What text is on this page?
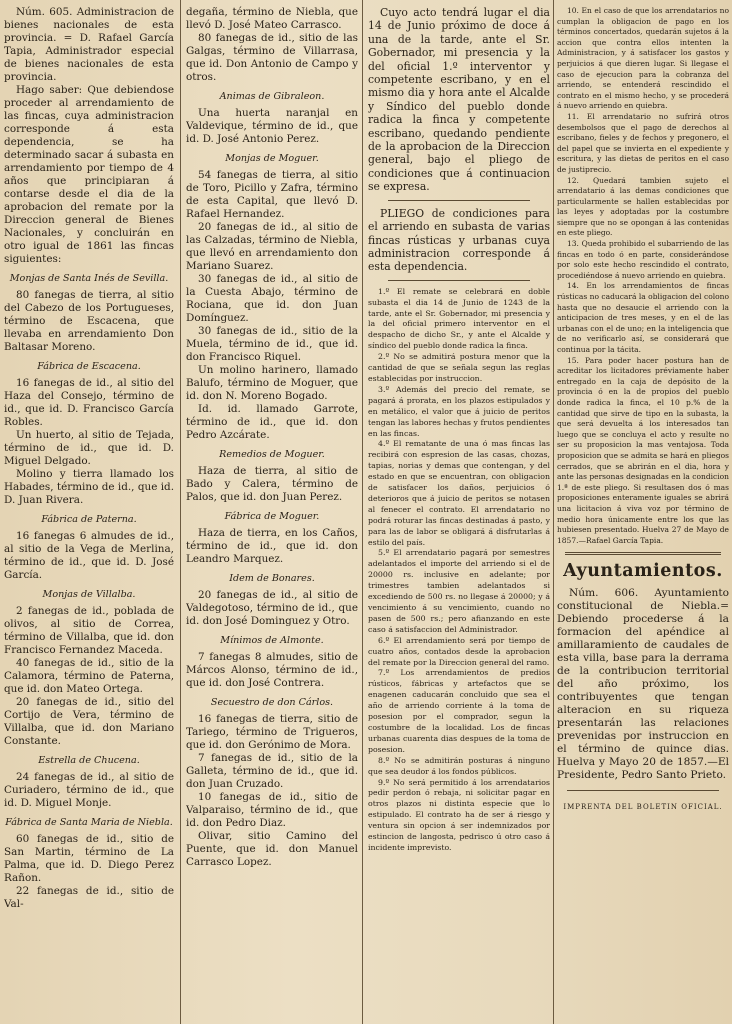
Núm. 605. Administracion de bienes nacionales de esta provincia. = D. Rafael García Tapia, Administrador especial de bienes nacionales de esta provincia.

Hago saber: Que debiendose proceder al arrendamiento de las fincas, cuya administracion corresponde á esta dependencia, se ha determinado sacar á subasta en arrendamiento por tiempo de 4 años que principiaran á contarse desde el dia de la aprobacion del remate por la Direccion general de Bienes Nacionales, y concluirán en otro igual de 1861 las fincas siguientes:

Monjas de Santa Inés de Sevilla.

80 fanegas de tierra, al sitio del Cabezo de los Portugueses, término de Escacena, que llevaba en arrendamiento Don Baltasar Moreno.

Fábrica de Escacena.

16 fanegas de id., al sitio del Haza del Consejo, término de id., que id. D. Francisco García Robles.

Un huerto, al sitio de Tejada, término de id., que id. D. Miguel Delgado.

Molino y tierra llamado los Habades, término de id., que id. D. Juan Rivera.

Fábrica de Paterna.

16 fanegas 6 almudes de id., al sitio de la Vega de Merlina, término de id., que id. D. José García.

Monjas de Villalba.

2 fanegas de id., poblada de olivos, al sitio de Correa, término de Villalba, que id. don Francisco Fernandez Maceda.

40 fanegas de id., sitio de la Calamora, término de Paterna, que id. don Mateo Ortega.

20 fanegas de id., sitio del Cortijo de Vera, término de Villalba, que id. don Mariano Constante.

Estrella de Chucena.

24 fanegas de id., al sitio de Curiadero, término de id., que id. D. Miguel Monje.

Fábrica de Santa Maria de Niebla.

60 fanegas de id., sitio de San Martin, término de La Palma, que id. D. Diego Perez Rañon.

22 fanegas de id., sitio de Val-

degaña, término de Niebla, que llevó D. José Mateo Carrasco.

80 fanegas de id., sitio de las Galgas, término de Villarrasa, que id. Don Antonio de Campo y otros.

Animas de Gibraleon.

Una huerta naranjal en Valdevique, término de id., que id. D. José Antonio Perez.

Monjas de Moguer.

54 fanegas de tierra, al sitio de Toro, Picillo y Zafra, término de esta Capital, que llevó D. Rafael Hernandez.

20 fanegas de id., al sitio de las Calzadas, término de Niebla, que llevó en arrendamiento don Mariano Suarez.

30 fanegas de id., al sitio de la Cuesta Abajo, término de Rociana, que id. don Juan Domínguez.

30 fanegas de id., sitio de la Muela, término de id., que id. don Francisco Riquel.

Un molino harinero, llamado Balufo, término de Moguer, que id. don N. Moreno Bogado.

Id. id. llamado Garrote, término de id., que id. don Pedro Azcárate.

Remedios de Moguer.

Haza de tierra, al sitio de Bado y Calera, término de Palos, que id. don Juan Perez.

Fábrica de Moguer.

Haza de tierra, en los Caños, término de id., que id. don Leandro Marquez.

Idem de Bonares.

20 fanegas de id., al sitio de Valdegotoso, término de id., que id. don José Dominguez y Otro.

Mínimos de Almonte.

7 fanegas 8 almudes, sitio de Márcos Alonso, término de id., que id. don José Contrera.

Secuestro de don Cárlos.

16 fanegas de tierra, sitio de Tariego, término de Trigueros, que id. don Gerónimo de Mora.

7 fanegas de id., sitio de la Galleta, término de id., que id. don Juan Cruzado.

10 fanegas de id., sitio de Valparaiso, término de id., que id. don Pedro Diaz.

Olivar, sitio Camino del Puente, que id. don Manuel Carrasco Lopez.

Cuyo acto tendrá lugar el dia 14 de Junio próximo de doce á una de la tarde, ante el Sr. Gobernador, mi presencia y la del oficial 1.º interventor y competente escribano, y en el mismo dia y hora ante el Alcalde y Síndico del pueblo donde radica la finca y competente escribano, quedando pendiente de la aprobacion de la Direccion general, bajo el pliego de condiciones que á continuacion se expresa.

PLIEGO de condiciones para el arriendo en subasta de varias fincas rústicas y urbanas cuya administracion corresponde á esta dependencia.

1.º El remate se celebrará en doble subasta el dia 14 de Junio de 1243 de la tarde, ante el Sr. Gobernador, mi presencia y la del oficial primero interventor en el despacho de dicho Sr., y ante el Alcalde y síndico del pueblo donde radica la finca.

2.º No se admitirá postura menor que la cantidad de que se señala segun las reglas establecidas por instruccion.

3.º Además del precio del remate, se pagará á prorata, en los plazos estipulados y en metálico, el valor que á juicio de peritos tengan las labores hechas y frutos pendientes en las fincas.

4.º El rematante de una ó mas fincas las recibirá con espresion de las casas, chozas, tapias, norias y demas que contengan, y del estado en que se encuentran, con obligacion de satisfacer los daños, perjuicios ó deterioros que á juicio de peritos se notasen al fenecer el contrato. El arrendatario no podrá roturar las fincas destinadas á pasto, y para las de labor se obligará á disfrutarlas á estilo del país.

5.º El arrendatario pagará por semestres adelantados el importe del arriendo si el de 20000 rs. inclusive en adelante; por trimestres tambien adelantados si excediendo de 500 rs. no llegase á 20000; y á vencimiento á su vencimiento, cuando no pasen de 500 rs.; pero afianzando en este caso á satisfaccion del Administrador.

6.º El arrendamiento será por tiempo de cuatro años, contados desde la aprobacion del remate por la Direccion general del ramo.

7.º Los arrendamientos de predios rústicos, fábricas y artefactos que se enagenen caducarán concluido que sea el año de arriendo corriente á la toma de posesion por el comprador, segun la costumbre de la localidad. Los de fincas urbanas cuarenta dias despues de la toma de posesion.

8.º No se admitirán posturas á ninguno que sea deudor á los fondos públicos.

9.º No será permitido á los arrendatarios pedir perdon ó rebaja, ni solicitar pagar en otros plazos ni distinta especie que lo estipulado. El contrato ha de ser á riesgo y ventura sin opcion á ser indemnizados por estincion de langosta, pedrisco ú otro caso á incidente imprevisto.

10. En el caso de que los arrendatarios no cumplan la obligacion de pago en los términos concertados, quedarán sujetos á la accion que contra ellos intenten la Administracion, y á satisfacer los gastos y perjuicios á que dieren lugar. Si llegase el caso de ejecucion para la cobranza del arriendo, se entenderá rescindido el contrato en el mismo hecho, y se procederá á nuevo arriendo en quiebra.

11. El arrendatario no sufrirá otros desembolsos que el pago de derechos al escribano, fieles y de fechos y pregonero, el del papel que se invierta en el expediente y escritura, y las dietas de peritos en el caso de justiprecio.

12. Quedará tambien sujeto el arrendatario á las demas condiciones que particularmente se hallen establecidas por las leyes y adoptadas por la costumbre siempre que no se opongan á las contenidas en este pliego.

13. Queda prohibido el subarriendo de las fincas en todo ó en parte, considerándose por solo este hecho rescindido el contrato, procediéndose á nuevo arriendo en quiebra.

14. En los arrendamientos de fincas rústicas no caducará la obligacion del colono hasta que no desaucie el arriendo con la anticipacion de tres meses, y en el de las urbanas con el de uno; en la inteligencia que de no verificarlo así, se considerará que continua por la tácita.

15. Para poder hacer postura han de acreditar los licitadores préviamente haber entregado en la caja de depósito de la provincia ó en la de propios del pueblo donde radica la finca, el 10 p.% de la cantidad que sirve de tipo en la subasta, la que será devuelta á los interesados tan luego que se concluya el acto y resulte no ser su proposicion la mas ventajosa. Toda proposicion que se admita se hará en pliegos cerrados, que se abrirán en el dia, hora y ante las personas designadas en la condicion 1.ª de este pliego. Si resultasen dos ó mas proposiciones enteramente iguales se abrirá una licitacion á viva voz por término de medio hora únicamente entre los que las hubiesen presentado. Huelva 27 de Mayo de 1857.—Rafael García Tapia.

Ayuntamientos.

Núm. 606. Ayuntamiento constitucional de Niebla.= Debiendo procederse á la formacion del apéndice al amillaramiento de caudales de esta villa, base para la derrama de la contribucion territorial del año próximo, los contribuyentes que tengan alteracion en su riqueza presentarán las relaciones prevenidas por instruccion en el término de quince dias. Huelva y Mayo 20 de 1857.—El Presidente, Pedro Santo Prieto.

IMPRENTA DEL BOLETIN OFICIAL.
